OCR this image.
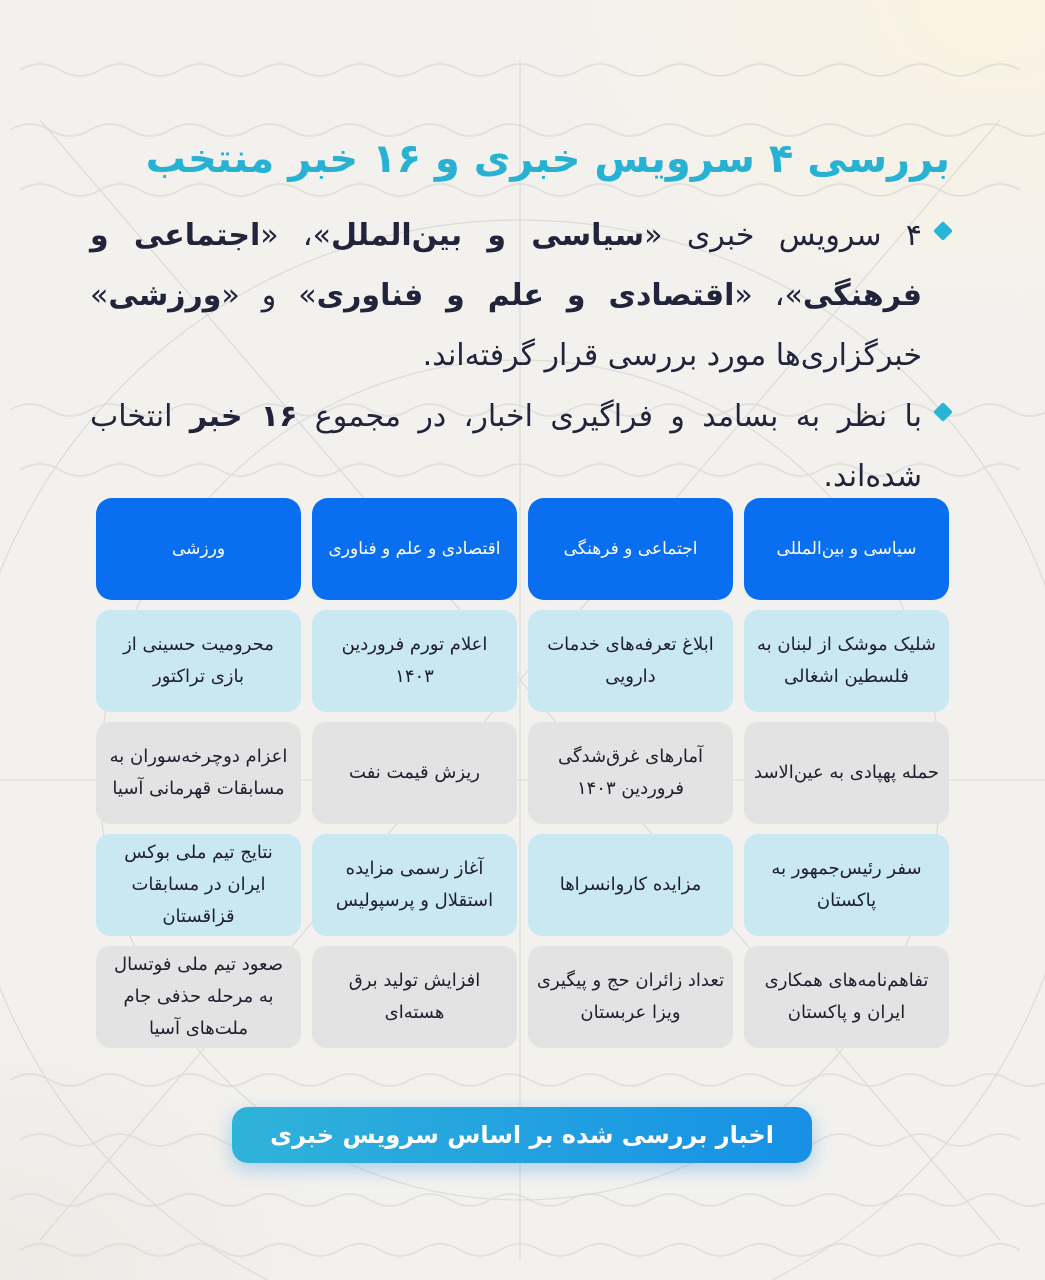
بررسی ۴ سرویس خبری و ۱۶ خبر منتخب

۴ سرویس خبری «سیاسی و بین‌الملل»، «اجتماعی و فرهنگی»، «اقتصادی و علم و فناوری» و «ورزشی» خبرگزاری‌ها مورد بررسی قرار گرفته‌اند.

با نظر به بسامد و فراگیری اخبار، در مجموع ۱۶ خبر انتخاب شده‌اند.

سیاسی و بین‌المللی
اجتماعی و فرهنگی
اقتصادی و علم و فناوری
ورزشی
شلیک موشک از لبنان به فلسطین اشغالی
ابلاغ تعرفه‌های خدمات دارویی
اعلام تورم فروردین ۱۴۰۳
محرومیت حسینی از بازی تراکتور
حمله پهپادی به عین‌الاسد
آمارهای غرق‌شدگی فروردین ۱۴۰۳
ریزش قیمت نفت
اعزام دوچرخه‌سوران به مسابقات قهرمانی آسیا
سفر رئیس‌جمهور به پاکستان
مزایده کاروانسراها
آغاز رسمی مزایده استقلال و پرسپولیس
نتایج تیم ملی بوکس ایران در مسابقات قزاقستان
تفاهم‌نامه‌های همکاری ایران و پاکستان
تعداد زائران حج و پیگیری ویزا عربستان
افزایش تولید برق هسته‌ای
صعود تیم ملی فوتسال به مرحله حذفی جام ملت‌های آسیا
اخبار بررسی شده بر اساس سرویس خبری
